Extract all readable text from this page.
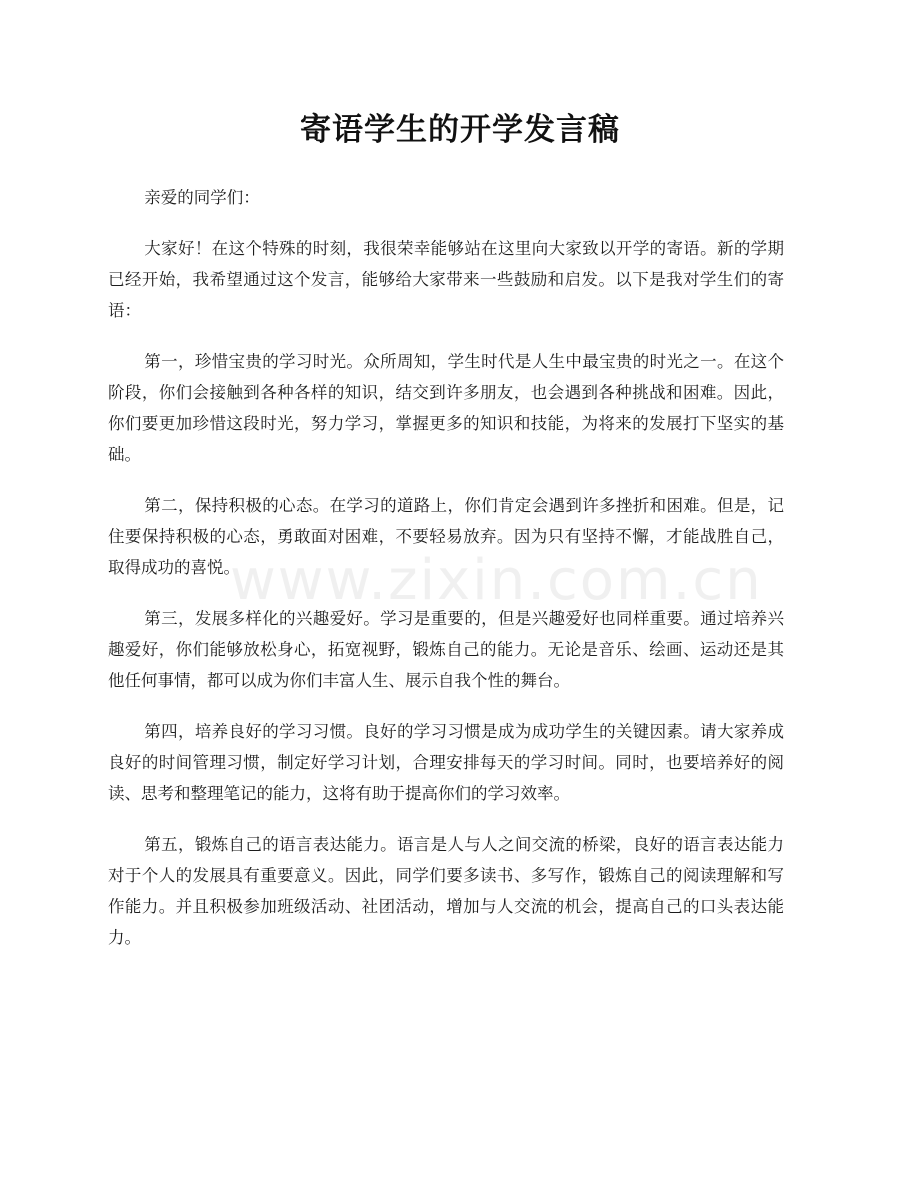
寄语学生的开学发言稿

亲爱的同学们：

大家好！在这个特殊的时刻，我很荣幸能够站在这里向大家致以开学的寄语。新的学期已经开始，我希望通过这个发言，能够给大家带来一些鼓励和启发。以下是我对学生们的寄语：

第一，珍惜宝贵的学习时光。众所周知，学生时代是人生中最宝贵的时光之一。在这个阶段，你们会接触到各种各样的知识，结交到许多朋友，也会遇到各种挑战和困难。因此，你们要更加珍惜这段时光，努力学习，掌握更多的知识和技能，为将来的发展打下坚实的基础。

第二，保持积极的心态。在学习的道路上，你们肯定会遇到许多挫折和困难。但是，记住要保持积极的心态，勇敢面对困难，不要轻易放弃。因为只有坚持不懈，才能战胜自己，取得成功的喜悦。

第三，发展多样化的兴趣爱好。学习是重要的，但是兴趣爱好也同样重要。通过培养兴趣爱好，你们能够放松身心，拓宽视野，锻炼自己的能力。无论是音乐、绘画、运动还是其他任何事情，都可以成为你们丰富人生、展示自我个性的舞台。

第四，培养良好的学习习惯。良好的学习习惯是成为成功学生的关键因素。请大家养成良好的时间管理习惯，制定好学习计划，合理安排每天的学习时间。同时，也要培养好的阅读、思考和整理笔记的能力，这将有助于提高你们的学习效率。

第五，锻炼自己的语言表达能力。语言是人与人之间交流的桥梁，良好的语言表达能力对于个人的发展具有重要意义。因此，同学们要多读书、多写作，锻炼自己的阅读理解和写作能力。并且积极参加班级活动、社团活动，增加与人交流的机会，提高自己的口头表达能力。

www.zixin.com.cn
